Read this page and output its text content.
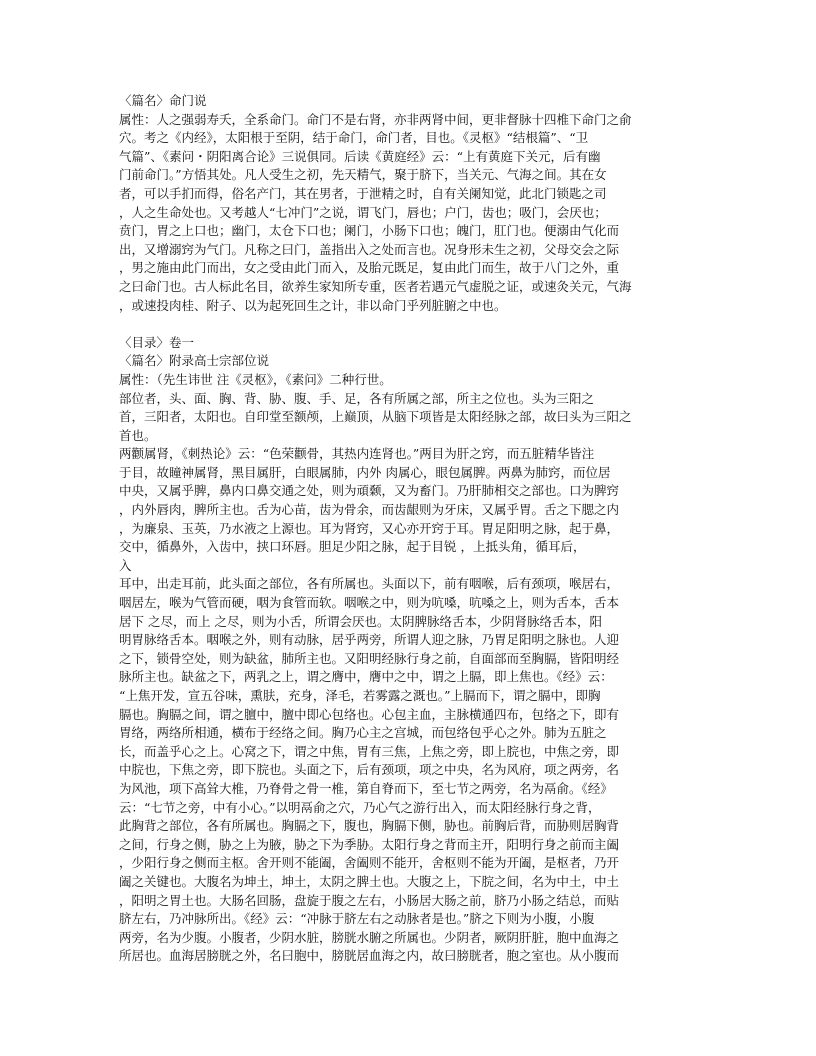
〈篇名〉命门说
属性：人之强弱寿夭，全系命门。命门不是右肾，亦非两肾中间，更非督脉十四椎下命门之俞
穴。考之《内经》，太阳根于至阴，结于命门，命门者，目也。《灵枢》“结根篇”、“卫
气篇”、《素问・阴阳离合论》三说俱同。后读《黄庭经》云：“上有黄庭下关元，后有幽
门前命门。”方悟其处。凡人受生之初，先天精气，聚于脐下，当关元、气海之间。其在女
者，可以手扪而得，俗名产门，其在男者，于泄精之时，自有关阑知觉，此北门锁匙之司
，人之生命处也。又考越人“七冲门”之说，谓飞门，唇也；户门，齿也；吸门，会厌也；
贲门，胃之上口也；幽门，太仓下口也；阑门，小肠下口也；魄门，肛门也。便溺由气化而
出，又增溺窍为气门。凡称之曰门，盖指出入之处而言也。况身形未生之初，父母交会之际
，男之施由此门而出，女之受由此门而入，及胎元既足，复由此门而生，故于八门之外，重
之曰命门也。古人标此名目，欲养生家知所专重，医者若遇元气虚脱之证，或速灸关元，气海
，或速投肉桂、附子、以为起死回生之计，非以命门乎列脏腑之中也。
〈目录〉卷一
〈篇名〉附录高士宗部位说
属性：（先生讳世 注《灵枢》，《素问》二种行世。
部位者，头、面、胸、背、胁、腹、手、足，各有所属之部，所主之位也。头为三阳之
首，三阳者，太阳也。自印堂至额颅，上巅顶，从脑下项皆是太阳经脉之部，故曰头为三阳之
首也。
两颧属肾，《刺热论》云：“色荣颧骨，其热内连肾也。”两目为肝之窍，而五脏精华皆注
于目，故瞳神属肾，黑目属肝，白眼属肺，内外 肉属心，眼包属脾。两鼻为肺窍，而位居
中央，又属乎脾，鼻内口鼻交通之处，则为頑颡，又为畜门。乃肝肺相交之部也。口为脾窍
，内外唇肉，脾所主也。舌为心苗，齿为骨余，而齿龈则为牙床，又属乎胃。舌之下腮之内
，为廉泉、玉英，乃水液之上源也。耳为肾窍，又心亦开窍于耳。胃足阳明之脉，起于鼻，
交中，循鼻外，入齿中，挟口环唇。胆足少阳之脉，起于目锐 ，上抵头角，循耳后，
入
耳中，出走耳前，此头面之部位，各有所属也。头面以下，前有咽喉，后有颈项，喉居右，
咽居左，喉为气管而硬，咽为食管而软。咽喉之中，则为吭嗓，吭嗓之上，则为舌本，舌本
居下 之尽，而上 之尽，则为小舌，所谓会厌也。太阴脾脉络舌本，少阴肾脉络舌本，阳
明胃脉络舌本。咽喉之外，则有动脉，居乎两旁，所谓人迎之脉，乃胃足阳明之脉也。人迎
之下，锁骨空处，则为缺盆，肺所主也。又阳明经脉行身之前，自面部而至胸膈，皆阳明经
脉所主也。缺盆之下，两乳之上，谓之膺中，膺中之中，谓之上膈，即上焦也。《经》云：
“上焦开发，宣五谷味，熏肤，充身，泽毛，若雾露之溉也。”上膈而下，谓之膈中，即胸
膈也。胸膈之间，谓之膻中，膻中即心包络也。心包主血，主脉横通四布，包络之下，即有
胃络，两络所相通，横布于经络之间。胸乃心主之宫城，而包络包乎心之外。肺为五脏之
长，而盖乎心之上。心窝之下，谓之中焦，胃有三焦，上焦之旁，即上脘也，中焦之旁，即
中脘也，下焦之旁，即下脘也。头面之下，后有颈项，项之中央，名为风府，项之两旁，名
为风池，项下高耸大椎，乃脊骨之骨一椎，第自脊而下，至七节之两旁，名为鬲俞。《经》
云：“七节之旁，中有小心。”以明鬲俞之穴，乃心气之游行出入，而太阳经脉行身之背，
此胸背之部位，各有所属也。胸膈之下，腹也，胸膈下侧，胁也。前胸后背，而胁则居胸背
之间，行身之侧，胁之上为腋，胁之下为季胁。太阳行身之背而主开，阳明行身之前而主阖
，少阳行身之侧而主枢。舍开则不能阖，舍阖则不能开，舍枢则不能为开阖，是枢者，乃开
阖之关键也。大腹名为坤土，坤土，太阴之脾土也。大腹之上，下脘之间，名为中土，中土
，阳明之胃土也。大肠名回肠，盘旋于腹之左右，小肠居大肠之前，脐乃小肠之结总，而贴
脐左右，乃冲脉所出。《经》云：“冲脉于脐左右之动脉者是也。”脐之下则为小腹，小腹
两旁，名为少腹。小腹者，少阴水脏，膀胱水腑之所属也。少阴者，厥阴肝脏，胞中血海之
所居也。血海居膀胱之外，名曰胞中，膀胱居血海之内，故曰膀胱者，胞之室也。从小腹而
